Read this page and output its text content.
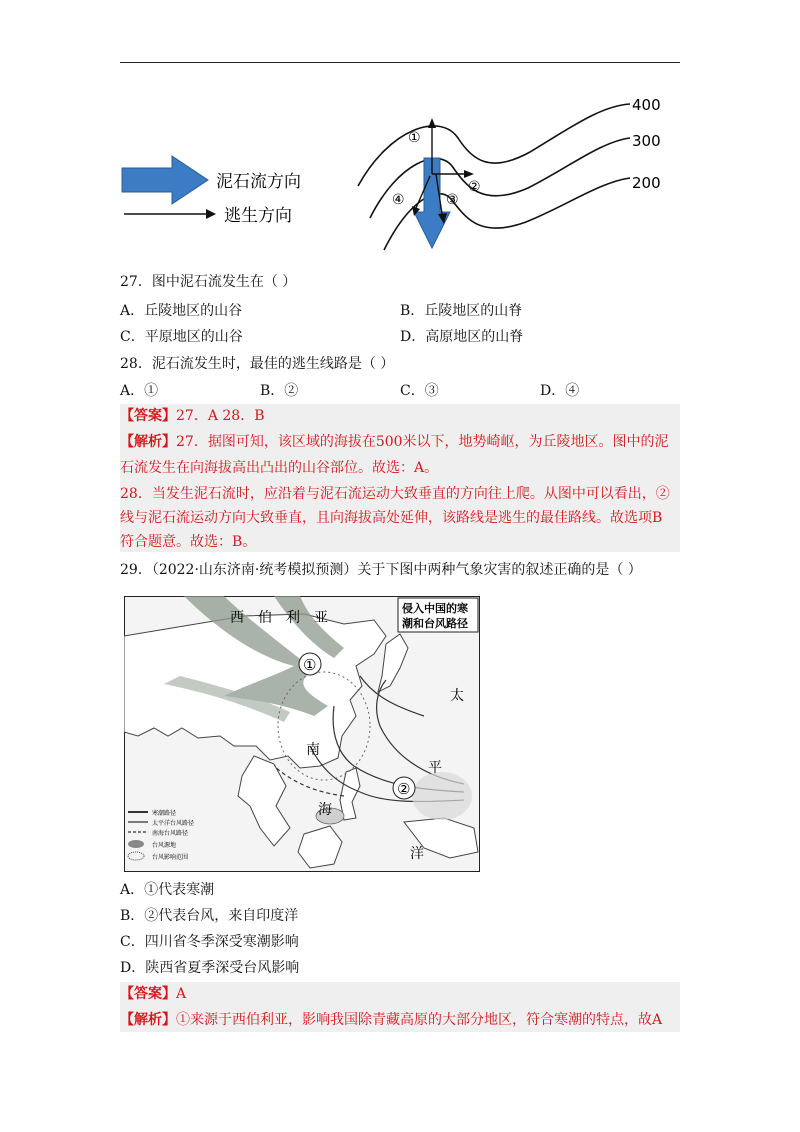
泥石流方向
逃生方向
400
300
200
①
②
③
④
27．图中泥石流发生在（ ）
A．丘陵地区的山谷	B．丘陵地区的山脊
C．平原地区的山谷	D．高原地区的山脊
28．泥石流发生时，最佳的逃生线路是（ ）
A．①	B．②	C．③	D．④
【答案】27．A 28．B
【解析】27．据图可知，该区域的海拔在500米以下，地势崎岖，为丘陵地区。图中的泥
石流发生在向海拔高出凸出的山谷部位。故选：A。
28．当发生泥石流时，应沿着与泥石流运动大致垂直的方向往上爬。从图中可以看出，②
线与泥石流运动方向大致垂直，且向海拔高处延伸，该路线是逃生的最佳路线。故选项B
符合题意。故选：B。
29．（2022·山东济南·统考模拟预测）关于下图中两种气象灾害的叙述正确的是（ ）
侵入中国的寒
潮和台风路径
西 伯 利 亚
太
平
洋
南
海
①
②
寒潮路径
太平洋台风路径
南海台风路径
台风源地
台风影响范围
A．①代表寒潮
B．②代表台风，来自印度洋
C．四川省冬季深受寒潮影响
D．陕西省夏季深受台风影响
【答案】A
【解析】①来源于西伯利亚，影响我国除青藏高原的大部分地区，符合寒潮的特点，故A
